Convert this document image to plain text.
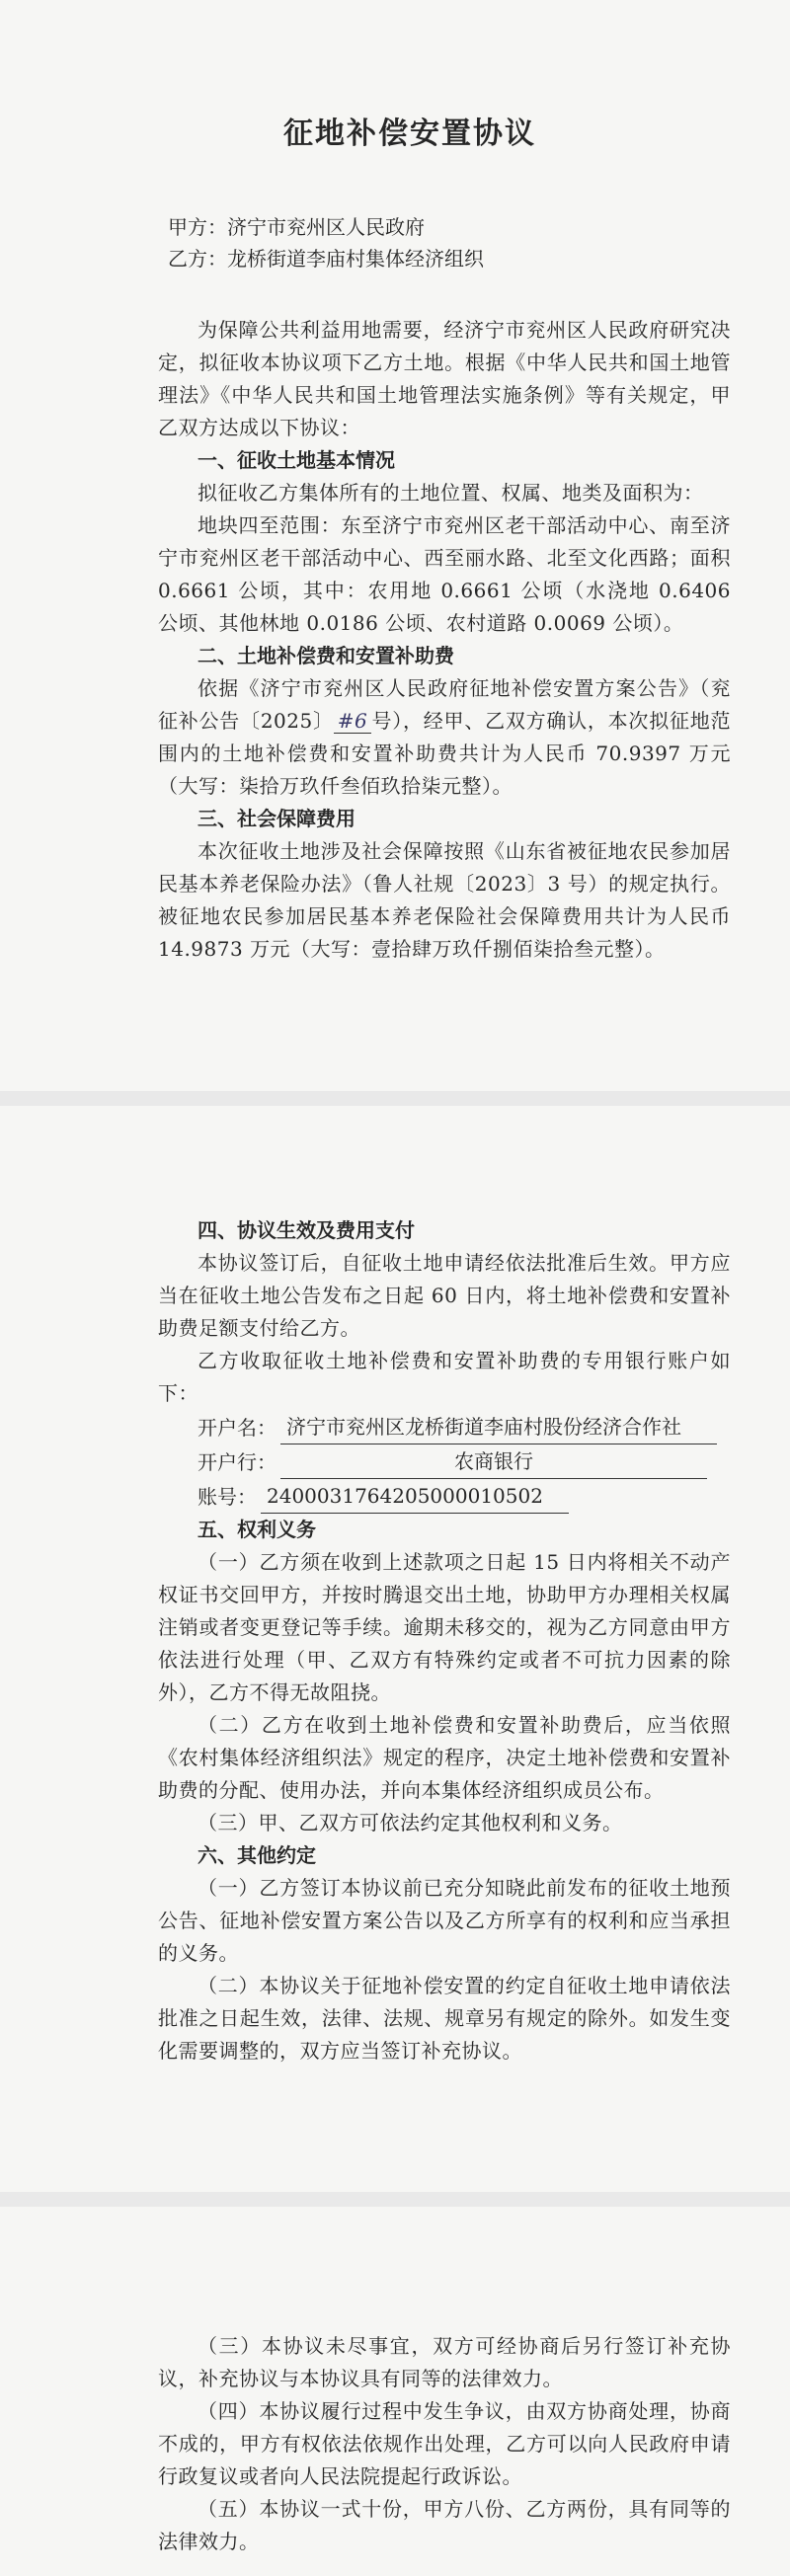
征地补偿安置协议

甲方：济宁市兖州区人民政府

乙方：龙桥街道李庙村集体经济组织

为保障公共利益用地需要，经济宁市兖州区人民政府研究决定，拟征收本协议项下乙方土地。根据《中华人民共和国土地管理法》《中华人民共和国土地管理法实施条例》等有关规定，甲乙双方达成以下协议：

一、征收土地基本情况

拟征收乙方集体所有的土地位置、权属、地类及面积为：

地块四至范围：东至济宁市兖州区老干部活动中心、南至济宁市兖州区老干部活动中心、西至丽水路、北至文化西路；面积 0.6661 公顷，其中：农用地 0.6661 公顷（水浇地 0.6406 公顷、其他林地 0.0186 公顷、农村道路 0.0069 公顷）。

二、土地补偿费和安置补助费

依据《济宁市兖州区人民政府征地补偿安置方案公告》（兖征补公告〔2025〕 #6 号），经甲、乙双方确认，本次拟征地范围内的土地补偿费和安置补助费共计为人民币 70.9397 万元（大写：柒拾万玖仟叁佰玖拾柒元整）。

三、社会保障费用

本次征收土地涉及社会保障按照《山东省被征地农民参加居民基本养老保险办法》（鲁人社规〔2023〕3 号）的规定执行。被征地农民参加居民基本养老保险社会保障费用共计为人民币 14.9873 万元（大写：壹拾肆万玖仟捌佰柒拾叁元整）。

四、协议生效及费用支付

本协议签订后，自征收土地申请经依法批准后生效。甲方应当在征收土地公告发布之日起 60 日内，将土地补偿费和安置补助费足额支付给乙方。

乙方收取征收土地补偿费和安置补助费的专用银行账户如下：

开户名： 济宁市兖州区龙桥街道李庙村股份经济合作社
开户行：	农商银行
账号： 2400031764205000010502

五、权利义务

（一）乙方须在收到上述款项之日起 15 日内将相关不动产权证书交回甲方，并按时腾退交出土地，协助甲方办理相关权属注销或者变更登记等手续。逾期未移交的，视为乙方同意由甲方依法进行处理（甲、乙双方有特殊约定或者不可抗力因素的除外），乙方不得无故阻挠。

（二）乙方在收到土地补偿费和安置补助费后，应当依照《农村集体经济组织法》规定的程序，决定土地补偿费和安置补助费的分配、使用办法，并向本集体经济组织成员公布。

（三）甲、乙双方可依法约定其他权利和义务。

六、其他约定

（一）乙方签订本协议前已充分知晓此前发布的征收土地预公告、征地补偿安置方案公告以及乙方所享有的权利和应当承担的义务。

（二）本协议关于征地补偿安置的约定自征收土地申请依法批准之日起生效，法律、法规、规章另有规定的除外。如发生变化需要调整的，双方应当签订补充协议。

（三）本协议未尽事宜，双方可经协商后另行签订补充协议，补充协议与本协议具有同等的法律效力。

（四）本协议履行过程中发生争议，由双方协商处理，协商不成的，甲方有权依法依规作出处理，乙方可以向人民政府申请行政复议或者向人民法院提起行政诉讼。

（五）本协议一式十份，甲方八份、乙方两份，具有同等的法律效力。
